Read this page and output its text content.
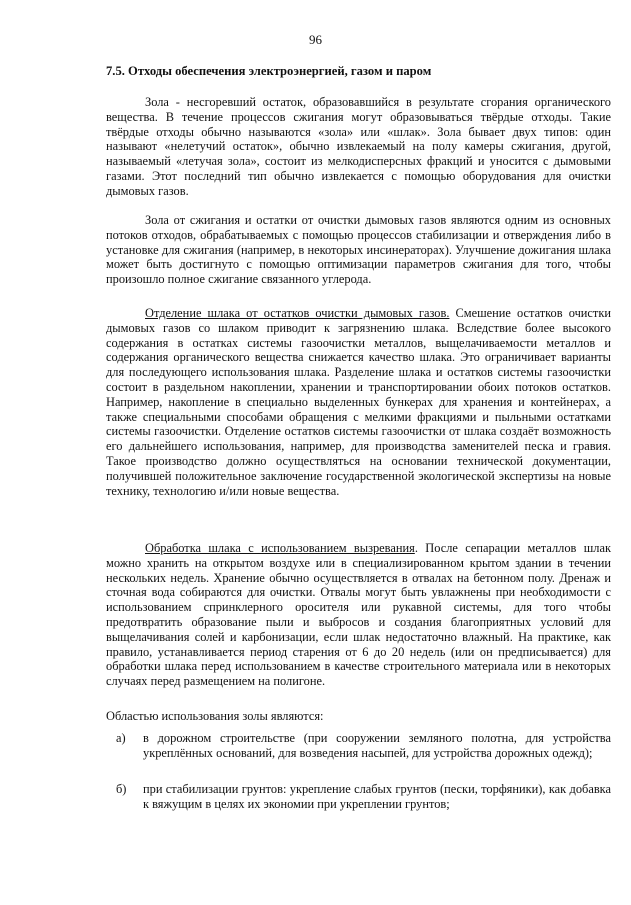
96
7.5. Отходы обеспечения электроэнергией, газом и паром

Зола - несгоревший остаток, образовавшийся в результате сгорания органического вещества. В течение процессов сжигания могут образовываться твёрдые отходы. Такие твёрдые отходы обычно называются «зола» или «шлак». Зола бывает двух типов: один называют «нелетучий остаток», обычно извлекаемый на полу камеры сжигания, другой, называемый «летучая зола», состоит из мелкодисперсных фракций и уносится с дымовыми газами. Этот последний тип обычно извлекается с помощью оборудования для очистки дымовых газов.

Зола от сжигания и остатки от очистки дымовых газов являются одним из основных потоков отходов, обрабатываемых с помощью процессов стабилизации и отверждения либо в установке для сжигания (например, в некоторых инсинераторах). Улучшение дожигания шлака может быть достигнуто с помощью оптимизации параметров сжигания для того, чтобы произошло полное сжигание связанного углерода.

Отделение шлака от остатков очистки дымовых газов. Смешение остатков очистки дымовых газов со шлаком приводит к загрязнению шлака. Вследствие более высокого содержания в остатках системы газоочистки металлов, выщелачиваемости металлов и содержания органического вещества снижается качество шлака. Это ограничивает варианты для последующего использования шлака. Разделение шлака и остатков системы газоочистки состоит в раздельном накоплении, хранении и транспортировании обоих потоков остатков. Например, накопление в специально выделенных бункерах для хранения и контейнерах, а также специальными способами обращения с мелкими фракциями и пыльными остатками системы газоочистки. Отделение остатков системы газоочистки от шлака создаёт возможность его дальнейшего использования, например, для производства заменителей песка и гравия. Такое производство должно осуществляться на основании технической документации, получившей положительное заключение государственной экологической экспертизы на новые технику, технологию и/или новые вещества.

Обработка шлака с использованием вызревания. После сепарации металлов шлак можно хранить на открытом воздухе или в специализированном крытом здании в течении нескольких недель. Хранение обычно осуществляется в отвалах на бетонном полу. Дренаж и сточная вода собираются для очистки. Отвалы могут быть увлажнены при необходимости с использованием спринклерного оросителя или рукавной системы, для того чтобы предотвратить образование пыли и выбросов и создания благоприятных условий для выщелачивания солей и карбонизации, если шлак недостаточно влажный. На практике, как правило, устанавливается период старения от 6 до 20 недель (или он предписывается) для обработки шлака перед использованием в качестве строительного материала или в некоторых случаях перед размещением на полигоне.

Областью использования золы являются:

а) в дорожном строительстве (при сооружении земляного полотна, для устройства укреплённых оснований, для возведения насыпей, для устройства дорожных одежд);
б) при стабилизации грунтов: укрепление слабых грунтов (пески, торфяники), как добавка к вяжущим в целях их экономии при укреплении грунтов;
